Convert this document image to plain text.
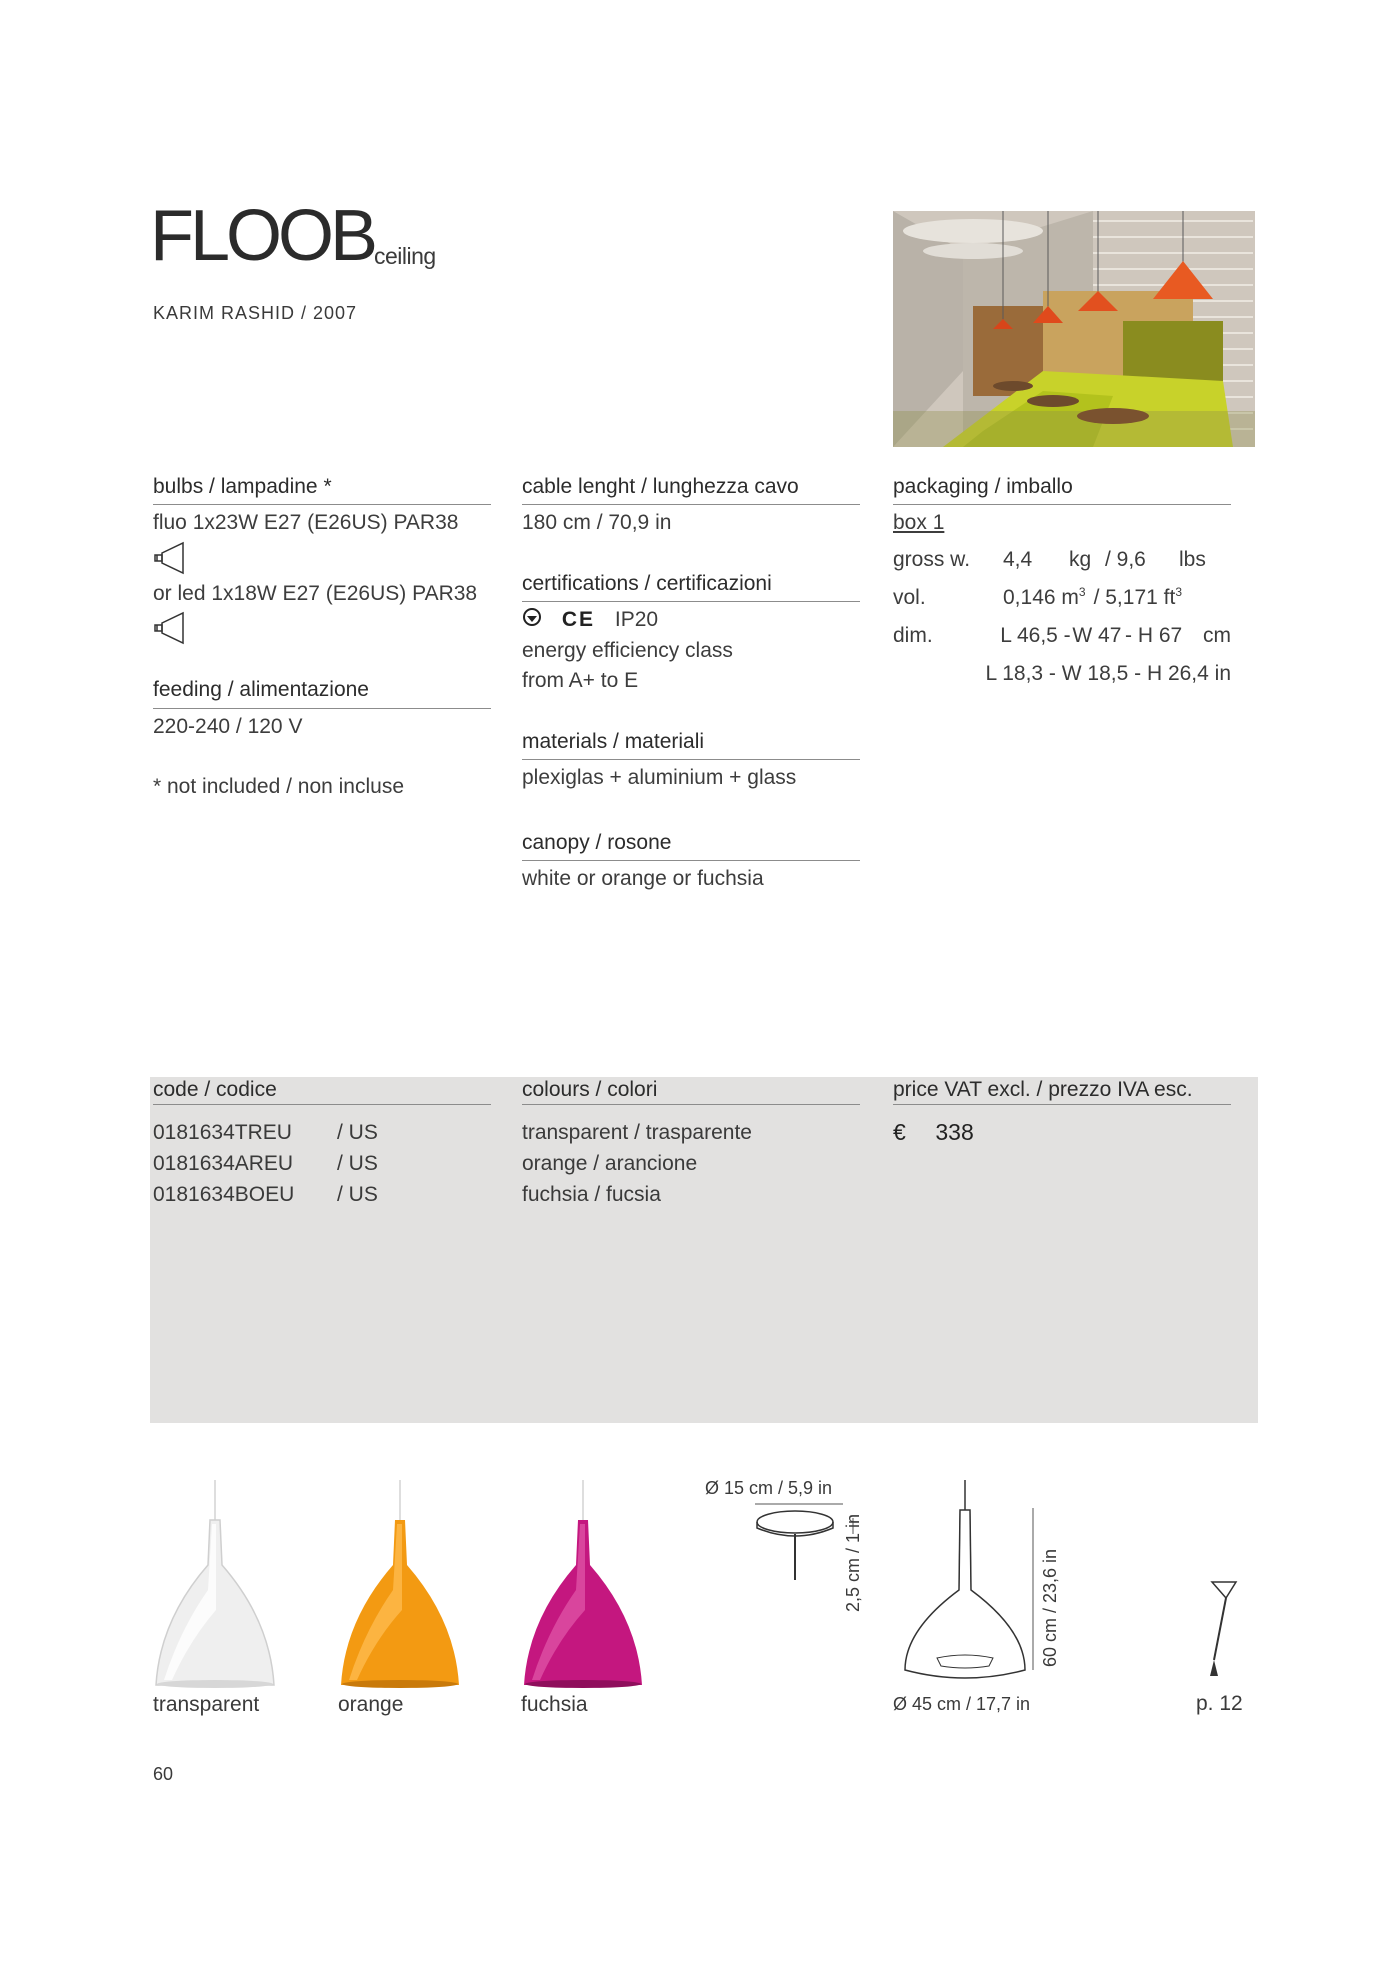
FLOOB ceiling
KARIM RASHID / 2007
bulbs / lampadine *
fluo 1x23W E27 (E26US) PAR38
or led 1x18W E27 (E26US) PAR38
feeding / alimentazione
220-240 / 120 V
* not included / non incluse
cable lenght / lunghezza cavo
180 cm / 70,9 in
certifications / certificazioni
CE IP20
energy efficiency class
from A+ to E
materials / materiali
plexiglas + aluminium + glass
canopy / rosone
white or orange or fuchsia
packaging / imballo
box 1
gross w.	4,4	kg / 9,6	lbs
vol.	0,146 $m^3 / 5,171$ $ft^3$
dim.	L 46,5 - W 47 - H 67 cm
L 18,3 - W 18,5 - H 26,4 in
code / codice
0181634TREU / US
0181634AREU / US
0181634BOEU / US
colours / colori
transparent / trasparente
orange / arancione
fuchsia / fucsia
price VAT excl. / prezzo IVA esc.
€ 338
transparent	orange	fuchsia
Ø 15 cm / 5,9 in
2,5 cm / 1 in	60 cm / 23,6 in
Ø 45 cm / 17,7 in	p. 12
60
